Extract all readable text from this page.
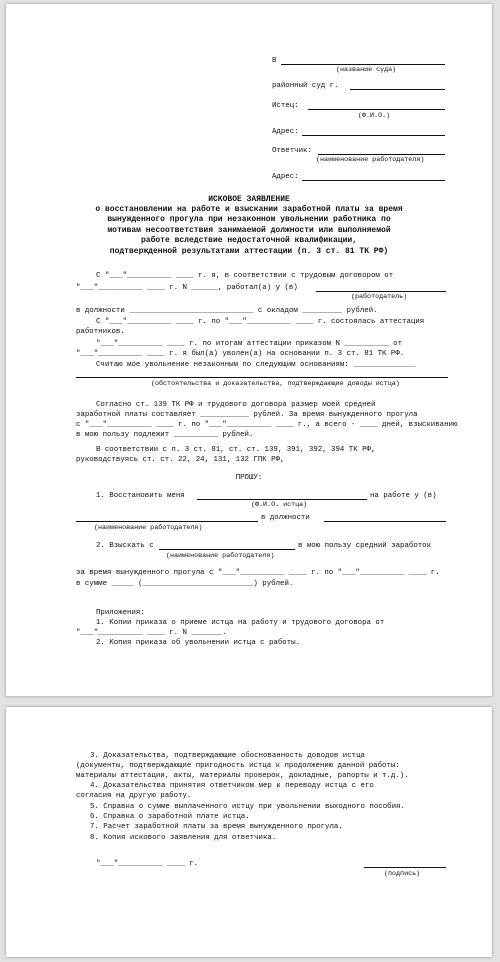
В
(название суда)
районный суд г.
Истец:
(Ф.И.О.)
Адрес:
Ответчик:
(наименование работодателя)
Адрес:
ИСКОВОЕ ЗАЯВЛЕНИЕ
о восстановлении на работе и взыскании заработной платы за время
вынужденного прогула при незаконном увольнении работника по
мотивам несоответствия занимаемой должности или выполняемой
работе вследствие недостаточной квалификации,
подтвержденной результатами аттестации (п. 3 ст. 81 ТК РФ)
С "___"__________ ____ г. я, в соответствии с трудовым договором от
"___"__________ ____ г. N ______, работал(а) у (в)
(работодатель)
в должности ____________________________ с окладом _________ рублей.
С "___"__________ ____ г. по "___"__________ ____ г. состоялась аттестация
работников.
"___"__________ ____ г. по итогам аттестации приказом N __________ от
"___"__________ ____ г. я был(а) уволен(а) на основании п. 3 ст. 81 ТК РФ.
Считаю мое увольнение незаконным по следующим основаниям: ______________
(обстоятельства и доказательства, подтверждающие доводы истца)
Согласно ст. 139 ТК РФ и трудового договора размер моей средней
заработной платы составляет ___________ рублей. За время вынужденного прогула
с "___"__________ ____ г. по "___"__________ ____ г., а всего - ____ дней, взыскиванию
в мою пользу подлежит __________ рублей.
В соответствии с п. 3 ст. 81, ст. ст. 139, 391, 392, 394 ТК РФ,
руководствуясь ст. ст. 22, 24, 131, 132 ГПК РФ,
ПРОШУ:
1. Восстановить меня	на работе у (в)
(Ф.И.О. истца)
в должности
(наименование работодателя)
2. Взыскать с	в мою пользу средний заработок
(наименование работодателя)
за время вынужденного прогула с "___"__________ ____ г. по "___"__________ ____ г.
в сумме _____ (_________________________) рублей.
Приложения:
1. Копии приказа о приеме истца на работу и трудового договора от
"___"__________ ____ г. N _______.
2. Копия приказа об увольнении истца с работы.
3. Доказательства, подтверждающие обоснованность доводов истца
(документы, подтверждающие пригодность истца к продолжению данной работы:
материалы аттестации, акты, материалы проверок, докладные, рапорты и т.д.).
4. Доказательства принятия ответчиком мер к переводу истца с его
согласия на другую работу.
5. Справка о сумме выплаченного истцу при увольнении выходного пособия.
6. Справка о заработной плате истца.
7. Расчет заработной платы за время вынужденного прогула.
8. Копия искового заявления для ответчика.
"___"__________ ____ г.
(подпись)
